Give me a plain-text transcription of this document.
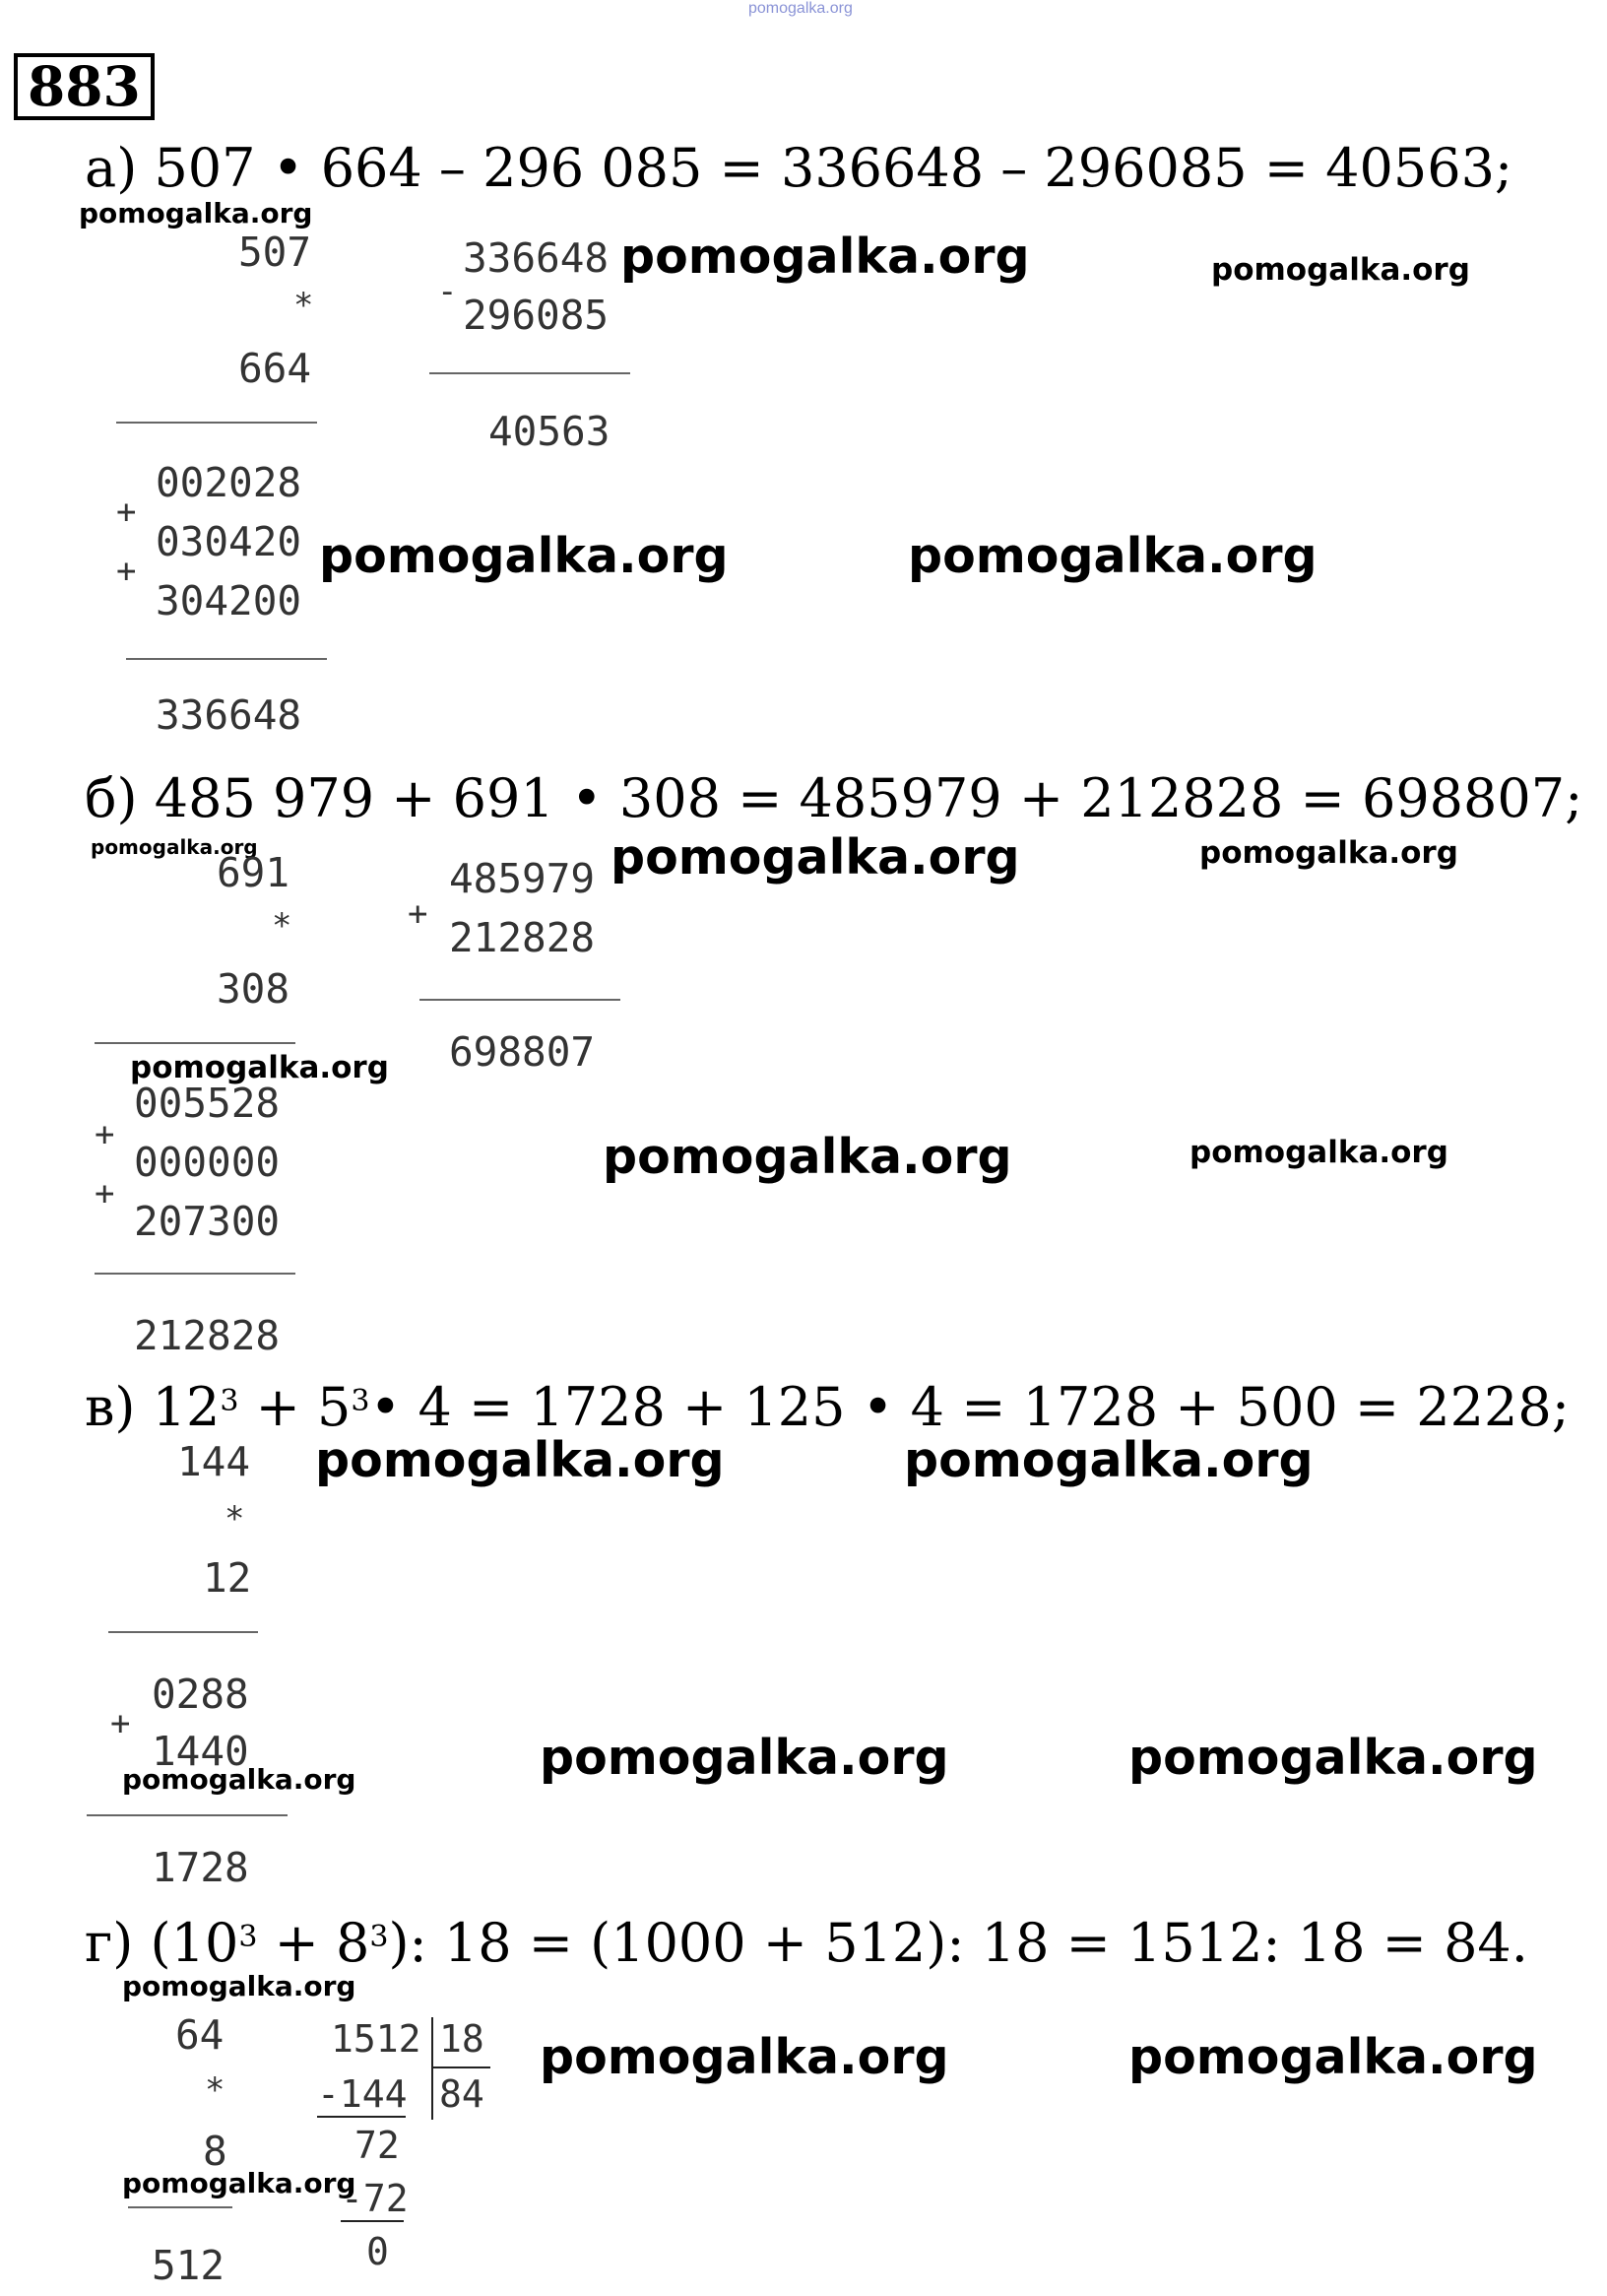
pomogalka.org
883
а) 507 • 664 – 296 085 = 336648 – 296085 = 40563;
pomogalka.org
pomogalka.org	pomogalka.org
507
*
664
002028
+
030420
+
304200
336648
-
336648
296085
40563
pomogalka.org	pomogalka.org
б) 485 979 + 691 • 308 = 485979 + 212828 = 698807;
pomogalka.org	pomogalka.org	pomogalka.org
691
*
308
pomogalka.org
005528
+
000000
+
207300
212828
+
485979
212828
698807
pomogalka.org	pomogalka.org
в) $12^3$ + $5^3•$ 4 = 1728 + 125 • 4 = 1728 + 500 = 2228;
pomogalka.org	pomogalka.org
144
*
12
0288
+
1440
pomogalka.org
1728
pomogalka.org	pomogalka.org
г) $(10^3 + 8^3)$: 18 = (1000 + 512): 18 = 1512: 18 = 84.
pomogalka.org
64
*
8
pomogalka.org
512
1512 18
84
-144
72
-72
0
pomogalka.org	pomogalka.org
